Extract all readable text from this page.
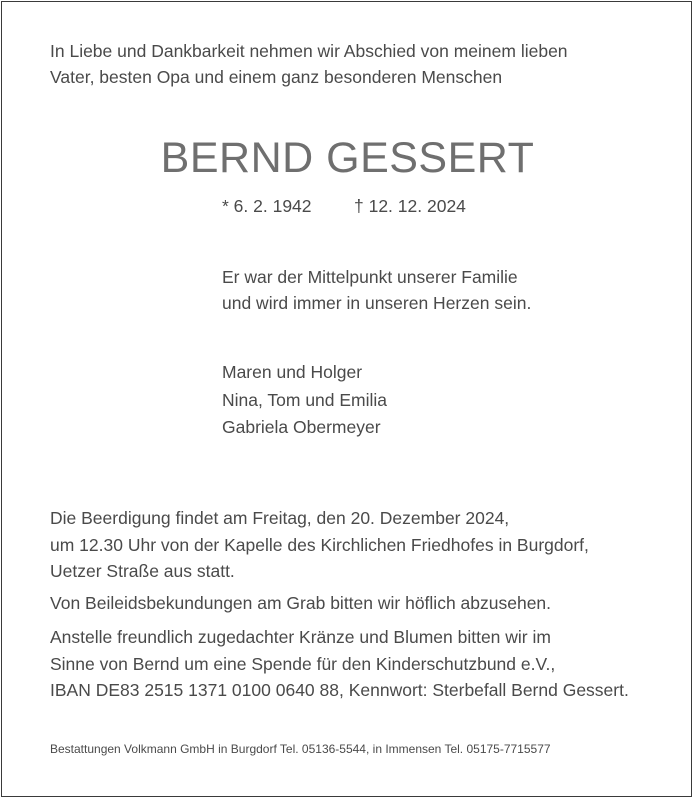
In Liebe und Dankbarkeit nehmen wir Abschied von meinem lieben
Vater, besten Opa und einem ganz besonderen Menschen

BERND GESSERT
* 6. 2. 1942 † 12. 12. 2024

Er war der Mittelpunkt unserer Familie
und wird immer in unseren Herzen sein.

Maren und Holger
Nina, Tom und Emilia
Gabriela Obermeyer

Die Beerdigung findet am Freitag, den 20. Dezember 2024,
um 12.30 Uhr von der Kapelle des Kirchlichen Friedhofes in Burgdorf,
Uetzer Straße aus statt.

Von Beileidsbekundungen am Grab bitten wir höflich abzusehen.

Anstelle freundlich zugedachter Kränze und Blumen bitten wir im
Sinne von Bernd um eine Spende für den Kinderschutzbund e.V.,
IBAN DE83 2515 1371 0100 0640 88, Kennwort: Sterbefall Bernd Gessert.

Bestattungen Volkmann GmbH in Burgdorf Tel. 05136-5544, in Immensen Tel. 05175-7715577
